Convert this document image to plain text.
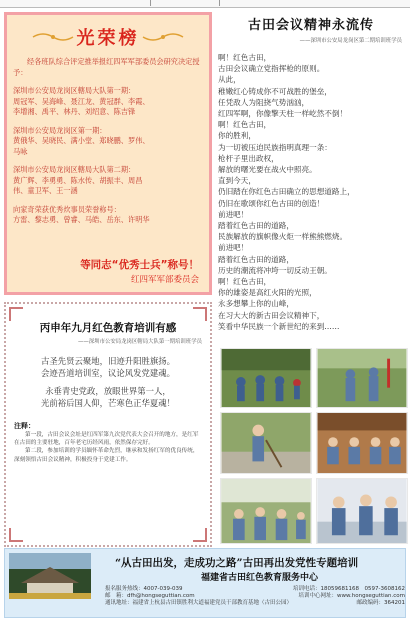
光荣榜

经各班队综合评定推举报红四军军部委员会研究决定授予：

深圳市公安局龙岗区轄局大队第一期：

周冠军、吴海峰、聂江龙、黄冠群、李霞、

李增湘、禹平、林丹、刘绍意、陈吉锋

深圳市公安局龙岗区第一期：

黄俄华、吴晓民、满小堂、郑晓鹏、罗伟、

马咏

深圳市公安局龙岗区轄局大队第二期：

黄广辉、李勇勇、陈水传、胡振丰、周昌

伟、童卫军、王一涵

向家奇荣获优秀炊事员荣誉称号：

方雷、黎志勇、曾睿、马皓、岳东、许明华

等同志“优秀士兵”称号！
红四军军部委员会
丙申年九月红色教育培训有感
——深圳市公安局龙岗区轄局大队第一期培训班学员

古圣先贤云聚地，旧迹升阳胜旗扬。

会迹吾道培训室，议论风发党建魂。

永垂青史党政，放眼世界第一人，

光前裕后国人仰，芒寒色正华夏魂！

注释：

第一段，古田会议会址是红四军第九次党代表大会召开的地方，是红军在古田的主要驻地，百年老宅历经风雨，依然保存完好。

第二段，参加培训的学员缅怀革命先烈，继承和发扬红军的优良传统，深刻领悟古田会议精神，积极投身于党建工作。

古田会议精神永流传
——深圳市公安局龙岗区第二期培训班学员

啊！红色古田，

古田会议确立党指挥枪的原则。

从此，

稚嫩红心铸成你不可战胜的堡垒，

任凭敌人为阻挠气势汹汹，

红四军啊，你像擎天柱一样屹然不倒！

啊！红色古田，

你的胜利，

为一切被压迫民族指明真理一条：

枪杆子里出政权，

解放的曙光要在战火中照亮。

直到今天，

仍旧踏在你红色古田确立的思想道路上，

仍旧在歌颂你红色古田的创造！

前进吧！

踏着红色古田的道路，

民族解放的旗帜像火炬一样熊熊燃烧。

前进吧！

踏着红色古田的道路，

历史的潮流将冲垮一切反动王朝。

啊！红色古田，

你的雄姿是高红火阳的光照，

永多想攀上你的山峰，

在习大大的新古田会议精神下，

笑看中华民族一个新世纪的来到……

“从古田出发，走成功之路”古田再出发党性专题培训
福建省古田红色教育服务中心
报名服务热线：4007-039-039	培训电话：18059681168　0597-3608162
邮　箱：dfh@hongseguttian.com	培训中心网址：www.hongseguttian.com
通讯地址：福建省上杭县古田镇胜利大道福建党员干部教育基地（古田公园）	邮政编码：364201
